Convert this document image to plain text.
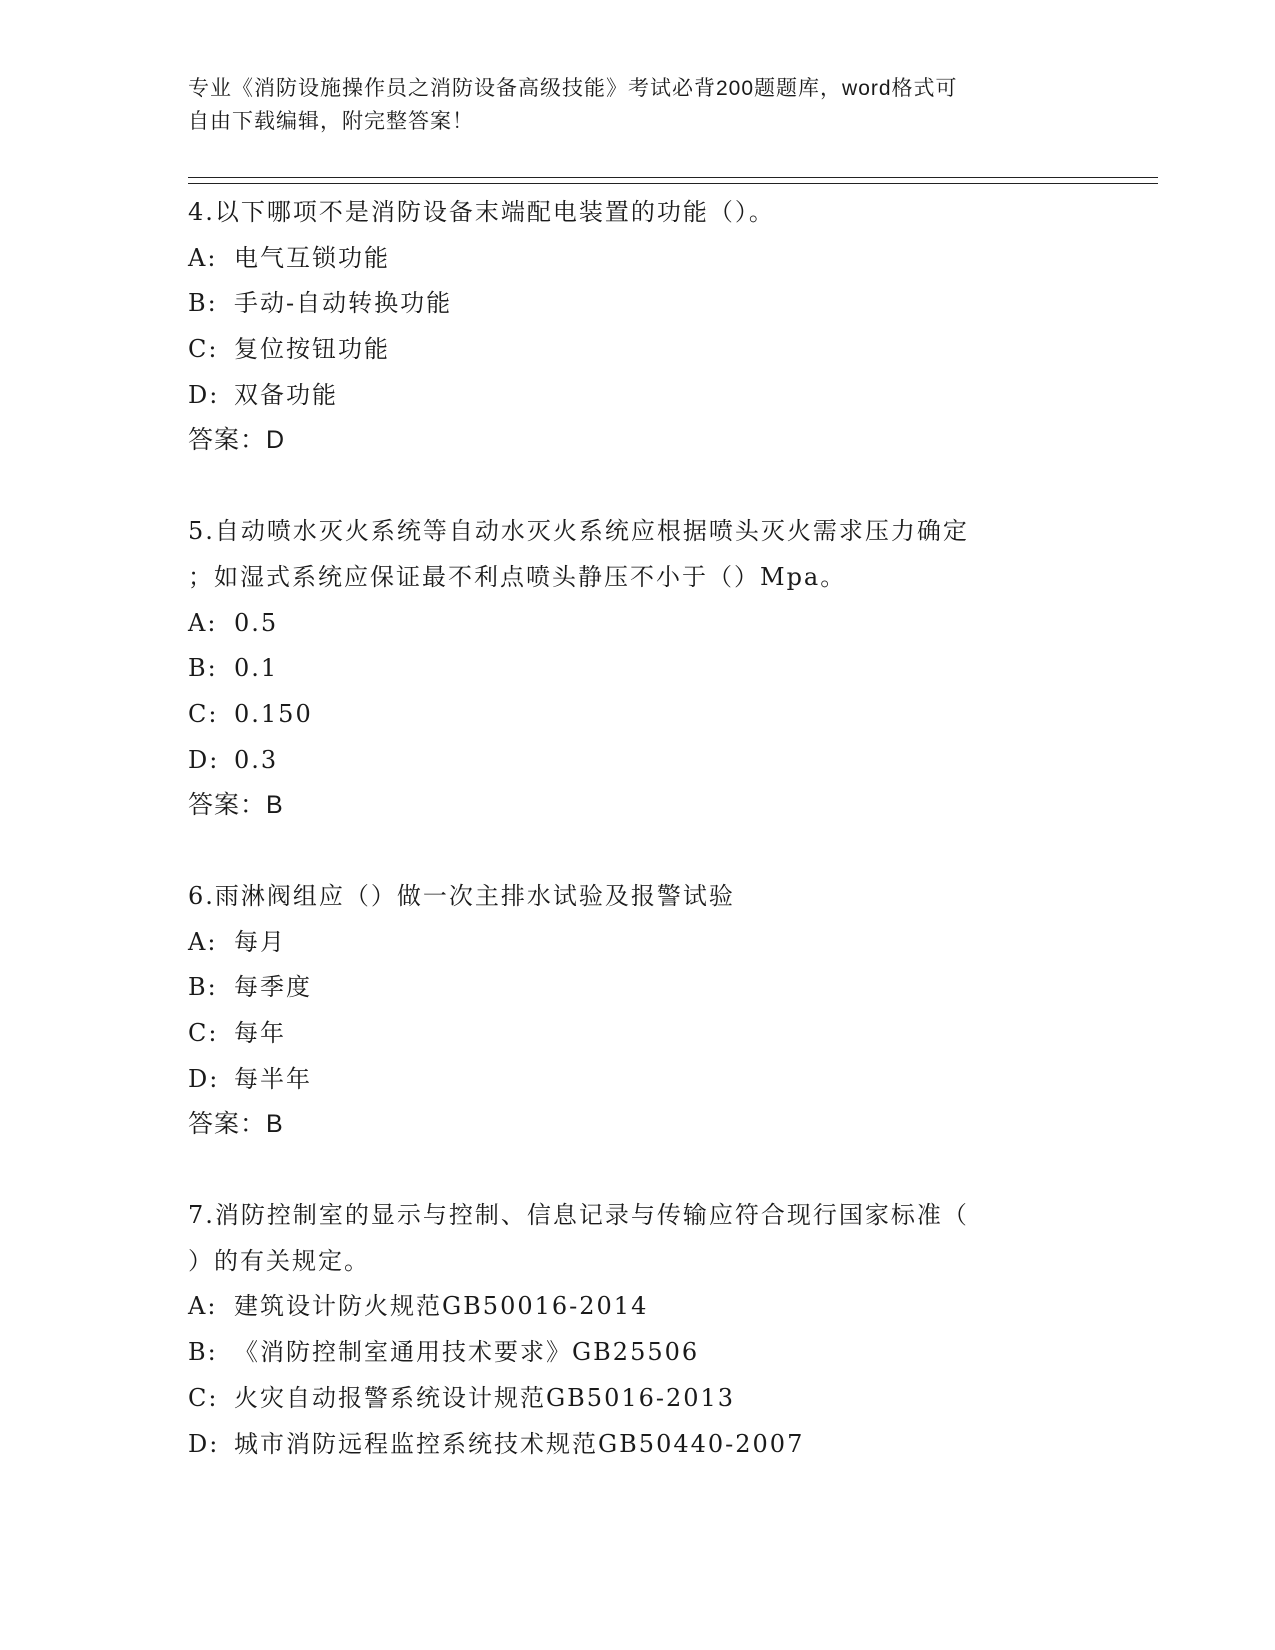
专业《消防设施操作员之消防设备高级技能》考试必背200题题库，word格式可
自由下载编辑，附完整答案！
4.以下哪项不是消防设备末端配电装置的功能（）。
A: 电气互锁功能
B: 手动-自动转换功能
C: 复位按钮功能
D: 双备功能
答案：D
5.自动喷水灭火系统等自动水灭火系统应根据喷头灭火需求压力确定
；如湿式系统应保证最不利点喷头静压不小于（）Mpa。
A: 0.5
B: 0.1
C: 0.150
D: 0.3
答案：B
6.雨淋阀组应（）做一次主排水试验及报警试验
A: 每月
B: 每季度
C: 每年
D: 每半年
答案：B
7.消防控制室的显示与控制、信息记录与传输应符合现行国家标准（
）的有关规定。
A: 建筑设计防火规范GB50016-2014
B: 《消防控制室通用技术要求》GB25506
C: 火灾自动报警系统设计规范GB5016-2013
D: 城市消防远程监控系统技术规范GB50440-2007
